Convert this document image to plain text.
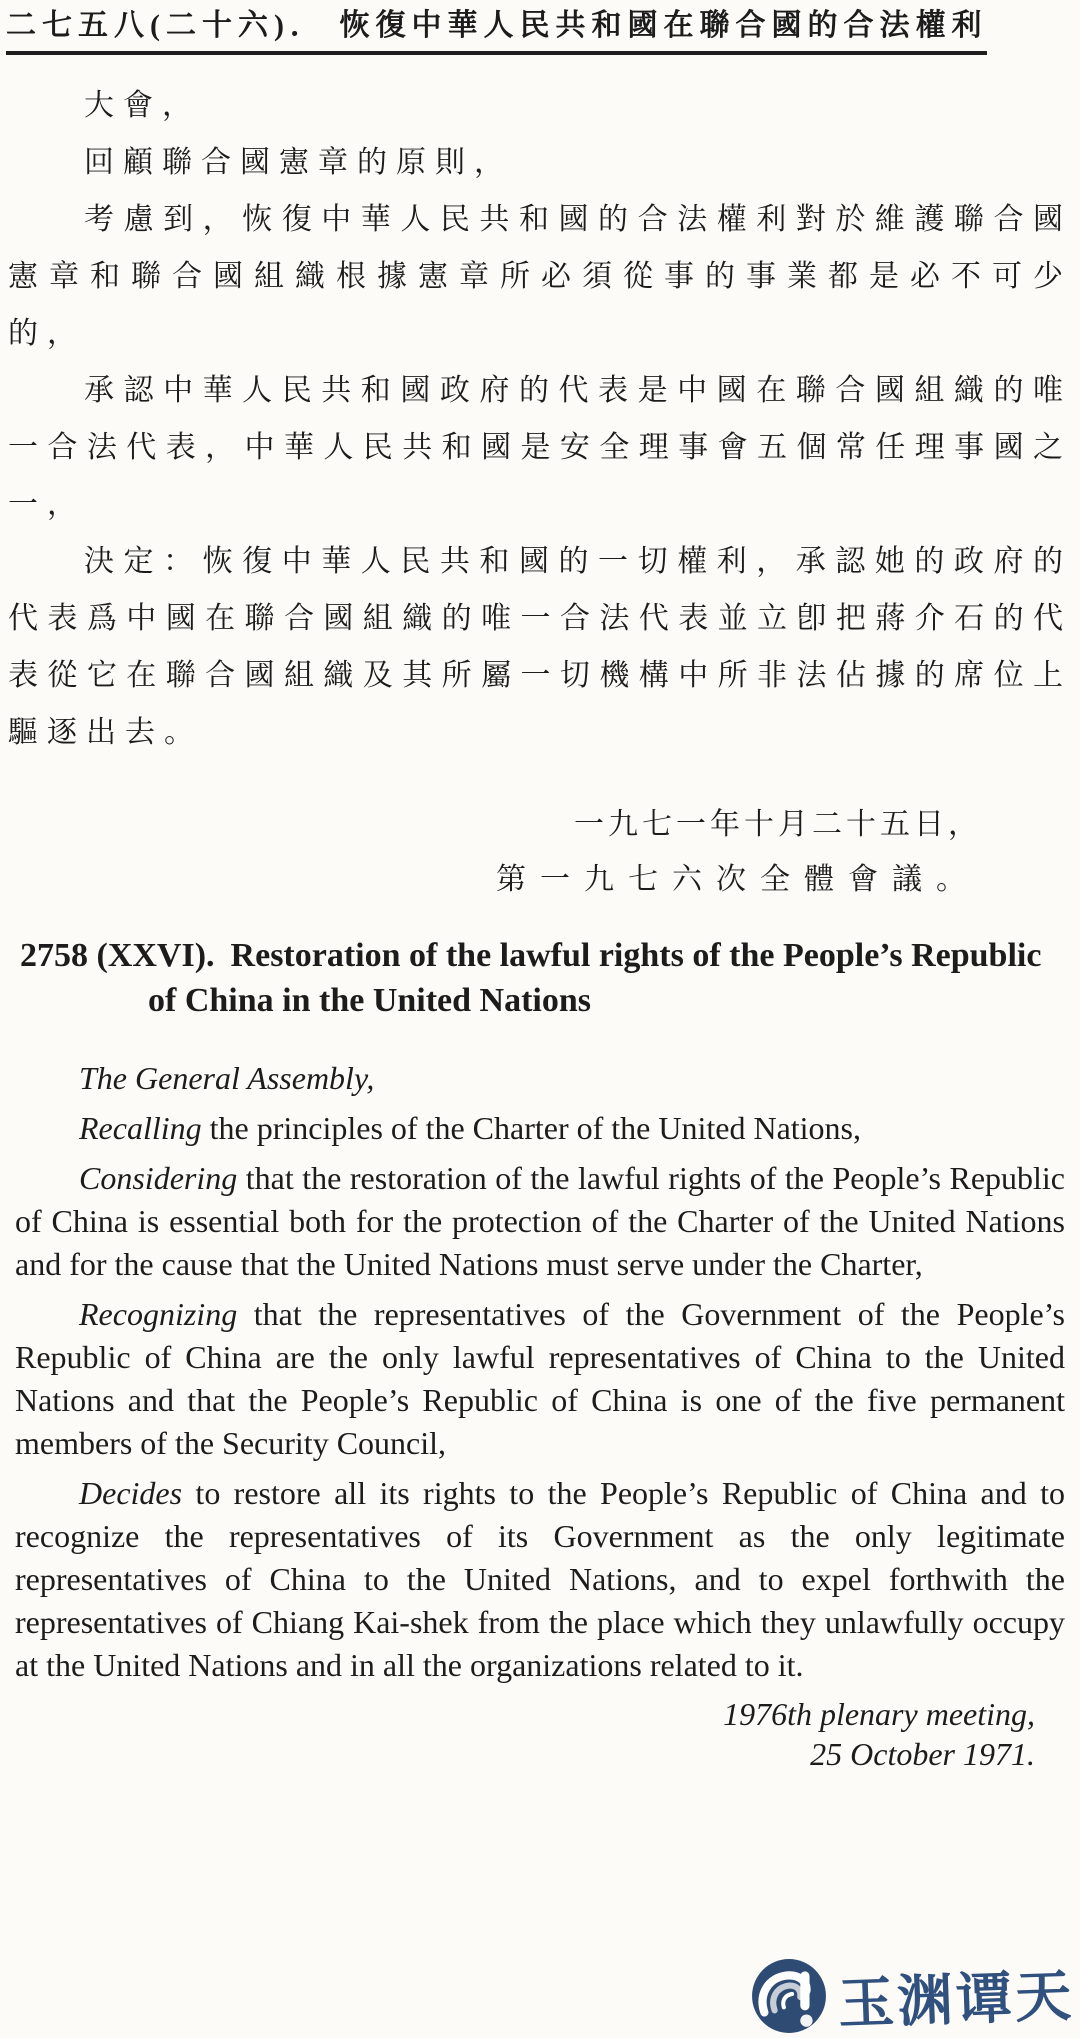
二七五八(二十六)． 恢復中華人民共和國在聯合國的合法權利

大會，

回顧聯合國憲章的原則，

考慮到，恢復中華人民共和國的合法權利對於維護聯合國憲章和聯合國組織根據憲章所必須從事的事業都是必不可少的，

承認中華人民共和國政府的代表是中國在聯合國組織的唯一合法代表，中華人民共和國是安全理事會五個常任理事國之一，

決定：恢復中華人民共和國的一切權利，承認她的政府的代表爲中國在聯合國組織的唯一合法代表並立卽把蔣介石的代表從它在聯合國組織及其所屬一切機構中所非法佔據的席位上驅逐出去。

一九七一年十月二十五日，
第一九七六次全體會議。
2758 (XXVI). Restoration of the lawful rights of the People’s Republic of China in the United Nations

The General Assembly,

Recalling the principles of the Charter of the United Nations,

Considering that the restoration of the lawful rights of the People’s Republic of China is essential both for the protection of the Charter of the United Nations and for the cause that the United Nations must serve under the Charter,

Recognizing that the representatives of the Government of the People’s Republic of China are the only lawful representatives of China to the United Nations and that the People’s Republic of China is one of the five permanent members of the Security Council,

Decides to restore all its rights to the People’s Republic of China and to recognize the representatives of its Government as the only legitimate representatives of China to the United Nations, and to expel forthwith the representatives of Chiang Kai-shek from the place which they unlawfully occupy at the United Nations and in all the organizations related to it.

1976th plenary meeting,
25 October 1971.
玉渊谭天
